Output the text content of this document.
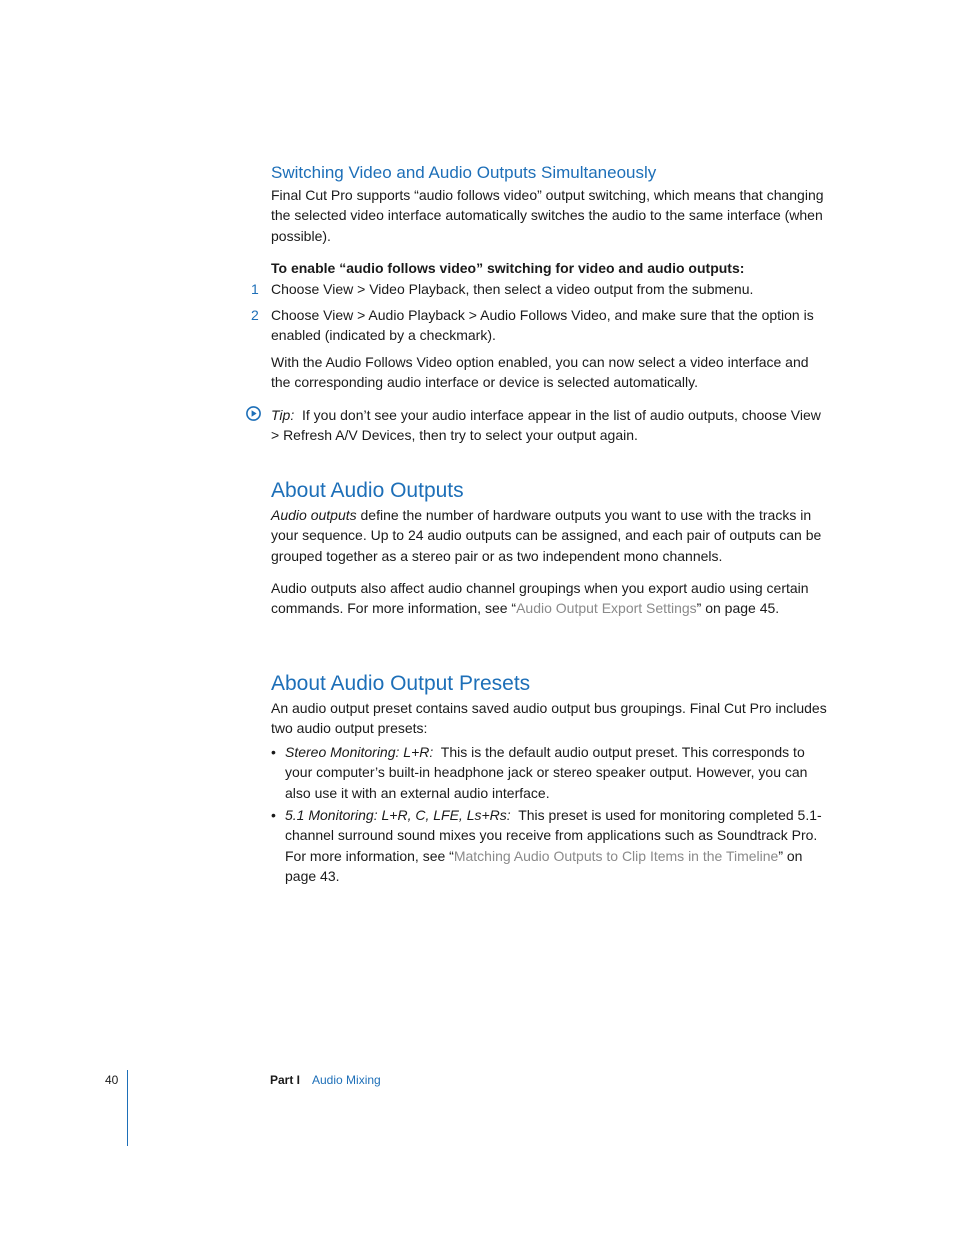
Switching Video and Audio Outputs Simultaneously

Final Cut Pro supports “audio follows video” output switching, which means that changing the selected video interface automatically switches the audio to the same interface (when possible).

To enable “audio follows video” switching for video and audio outputs:

1 Choose View > Video Playback, then select a video output from the submenu.

2 Choose View > Audio Playback > Audio Follows Video, and make sure that the option is enabled (indicated by a checkmark).

With the Audio Follows Video option enabled, you can now select a video interface and the corresponding audio interface or device is selected automatically.

Tip: If you don’t see your audio interface appear in the list of audio outputs, choose View > Refresh A/V Devices, then try to select your output again.

About Audio Outputs

Audio outputs define the number of hardware outputs you want to use with the tracks in your sequence. Up to 24 audio outputs can be assigned, and each pair of outputs can be grouped together as a stereo pair or as two independent mono channels.

Audio outputs also affect audio channel groupings when you export audio using certain commands. For more information, see “Audio Output Export Settings” on page 45.

About Audio Output Presets

An audio output preset contains saved audio output bus groupings. Final Cut Pro includes two audio output presets:

• Stereo Monitoring: L+R: This is the default audio output preset. This corresponds to your computer’s built-in headphone jack or stereo speaker output. However, you can also use it with an external audio interface.

• 5.1 Monitoring: L+R, C, LFE, Ls+Rs: This preset is used for monitoring completed 5.1-channel surround sound mixes you receive from applications such as Soundtrack Pro. For more information, see “Matching Audio Outputs to Clip Items in the Timeline” on page 43.

40	Part I Audio Mixing
